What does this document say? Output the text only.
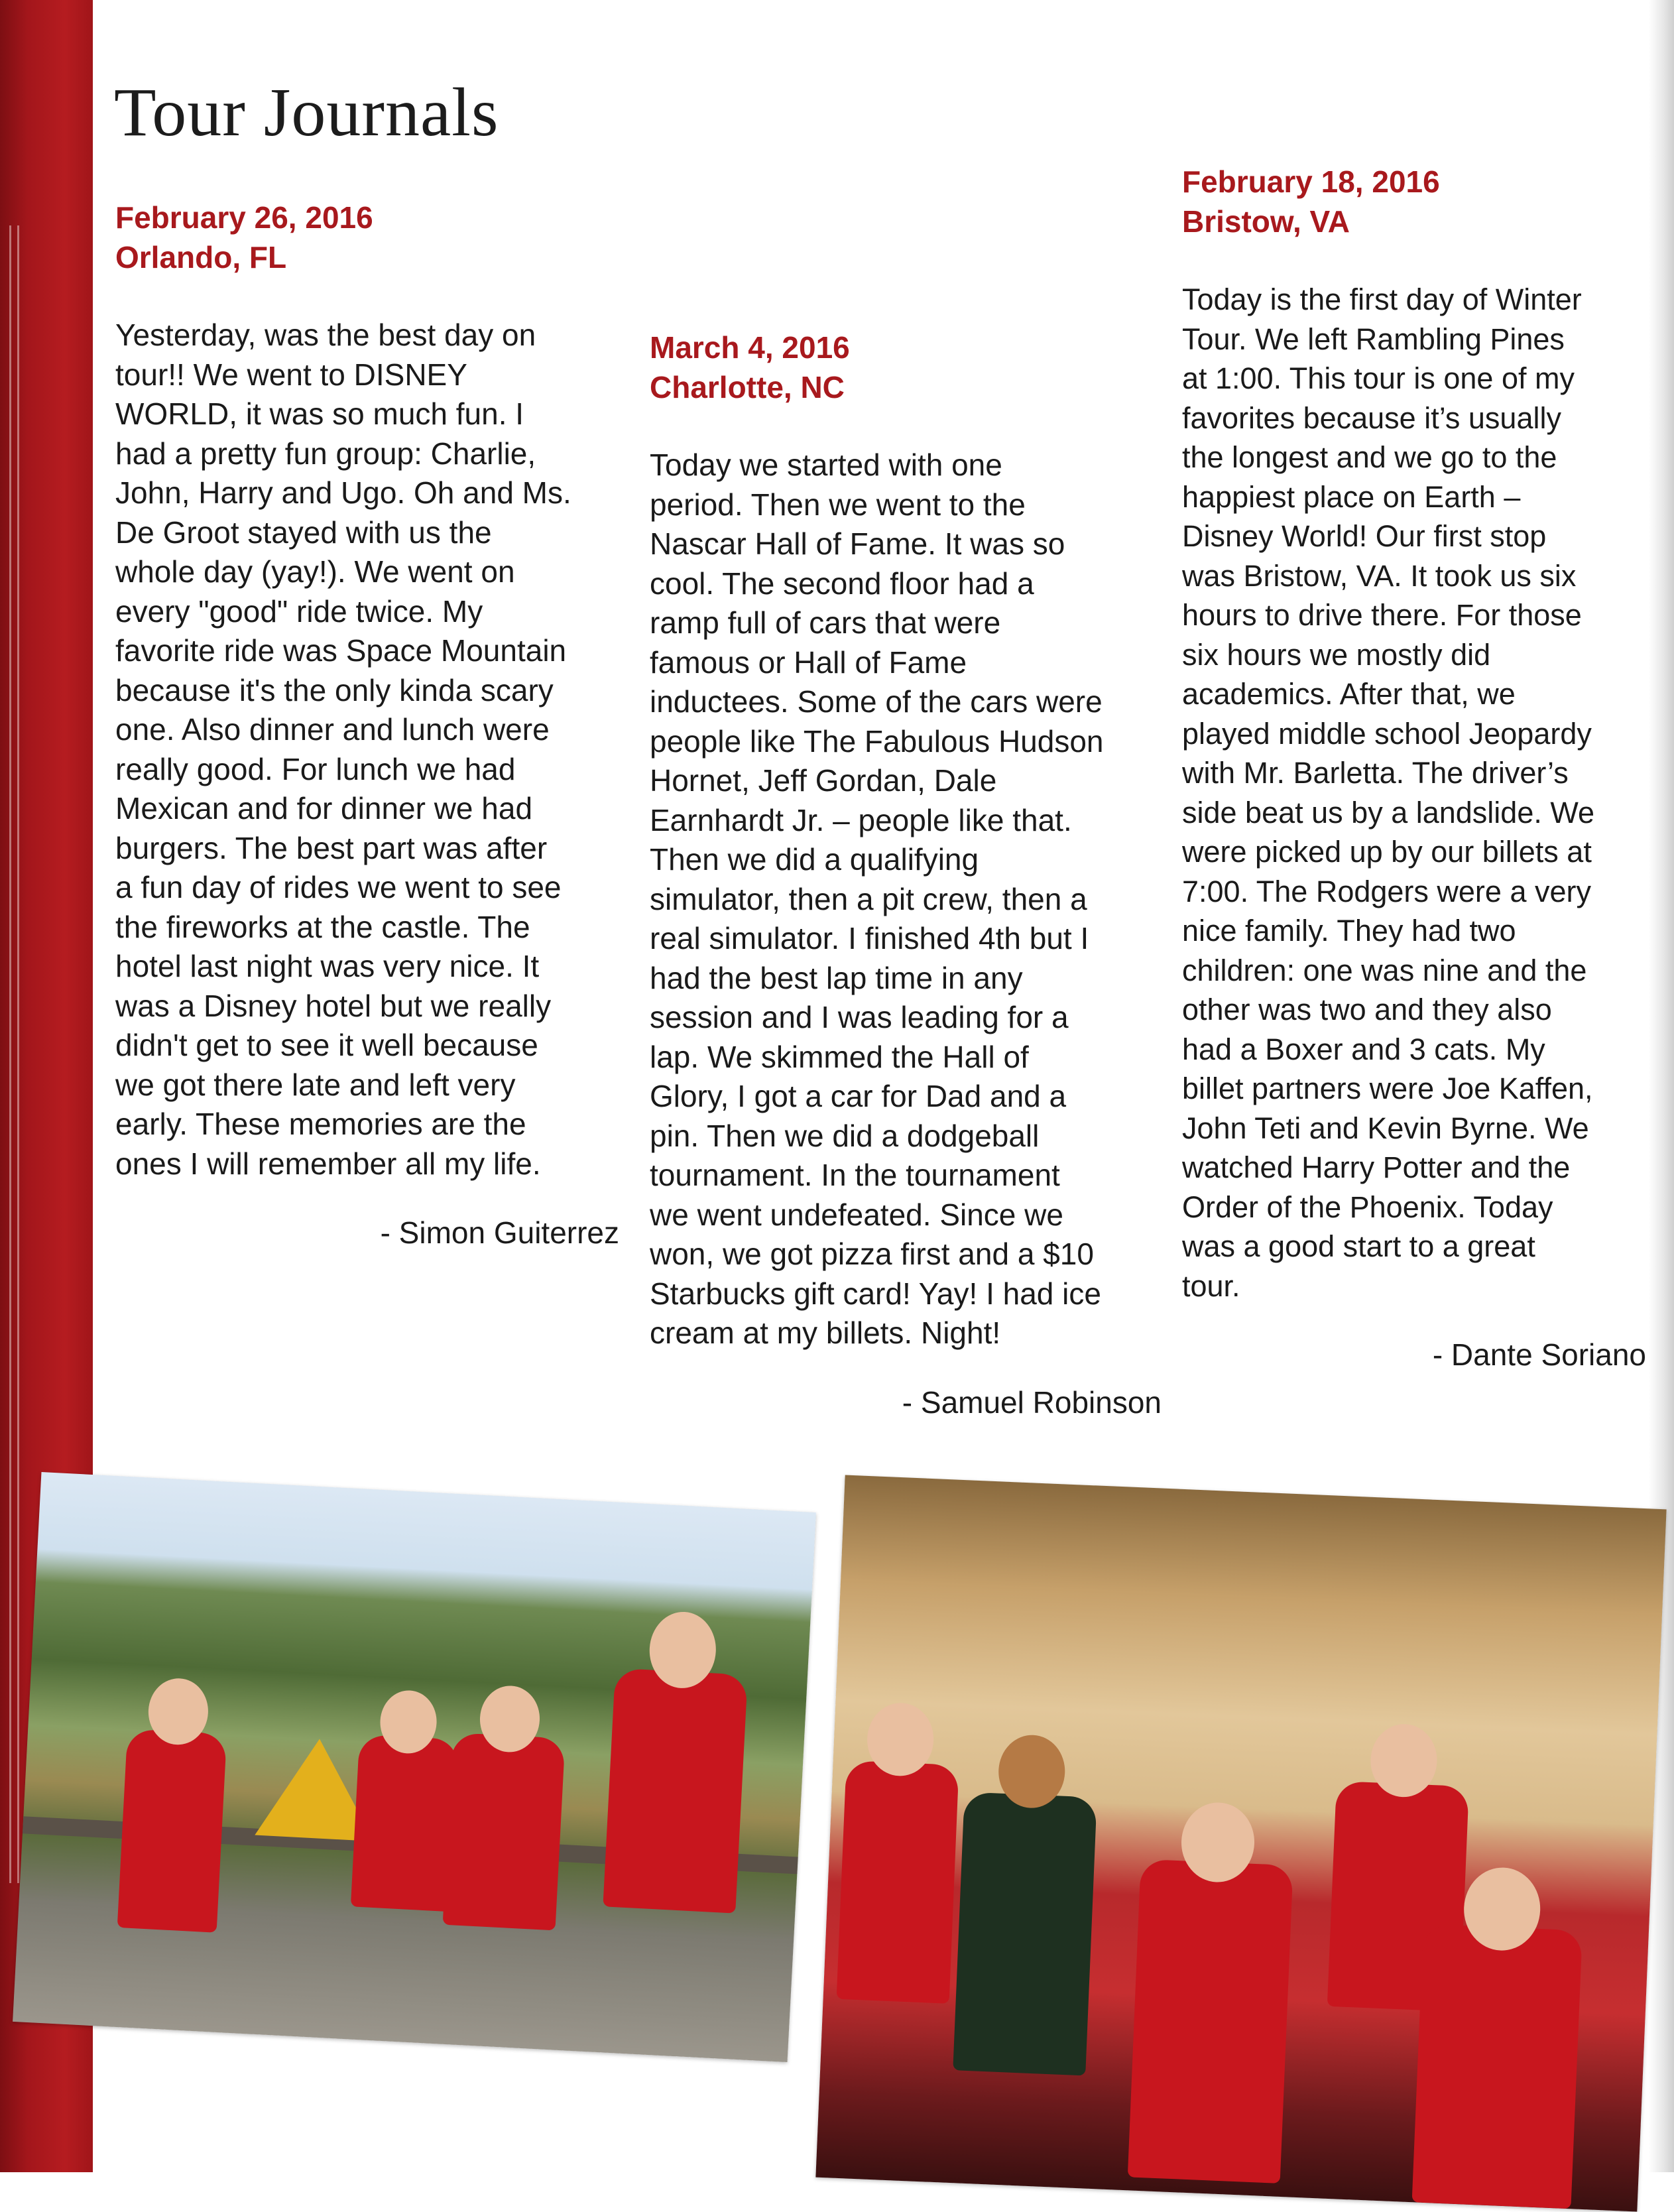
Tour Journals

February 26, 2016

Orlando, FL

Yesterday, was the best day on
tour!! We went to DISNEY
WORLD, it was so much fun. I
had a pretty fun group: Charlie,
John, Harry and Ugo. Oh and Ms.
De Groot stayed with us the
whole day (yay!). We went on
every "good" ride twice. My
favorite ride was Space Mountain
because it's the only kinda scary
one. Also dinner and lunch were
really good. For lunch we had
Mexican and for dinner we had
burgers. The best part was after
a fun day of rides we went to see
the fireworks at the castle. The
hotel last night was very nice. It
was a Disney hotel but we really
didn't get to see it well because
we got there late and left very
early. These memories are the
ones I will remember all my life.

- Simon Guiterrez

March 4, 2016

Charlotte, NC

Today we started with one
period. Then we went to the
Nascar Hall of Fame. It was so
cool. The second floor had a
ramp full of cars that were
famous or Hall of Fame
inductees. Some of the cars were
people like The Fabulous Hudson
Hornet, Jeff Gordan, Dale
Earnhardt Jr. – people like that.
Then we did a qualifying
simulator, then a pit crew, then a
real simulator. I finished 4th but I
had the best lap time in any
session and I was leading for a
lap. We skimmed the Hall of
Glory, I got a car for Dad and a
pin. Then we did a dodgeball
tournament. In the tournament
we went undefeated. Since we
won, we got pizza first and a $10
Starbucks gift card! Yay! I had ice
cream at my billets. Night!

- Samuel Robinson

February 18, 2016

Bristow, VA

Today is the first day of Winter
Tour. We left Rambling Pines
at 1:00. This tour is one of my
favorites because it’s usually
the longest and we go to the
happiest place on Earth –
Disney World! Our first stop
was Bristow, VA. It took us six
hours to drive there. For those
six hours we mostly did
academics. After that, we
played middle school Jeopardy
with Mr. Barletta. The driver’s
side beat us by a landslide. We
were picked up by our billets at
7:00. The Rodgers were a very
nice family. They had two
children: one was nine and the
other was two and they also
had a Boxer and 3 cats. My
billet partners were Joe Kaffen,
John Teti and Kevin Byrne. We
watched Harry Potter and the
Order of the Phoenix. Today
was a good start to a great
tour.

- Dante Soriano
